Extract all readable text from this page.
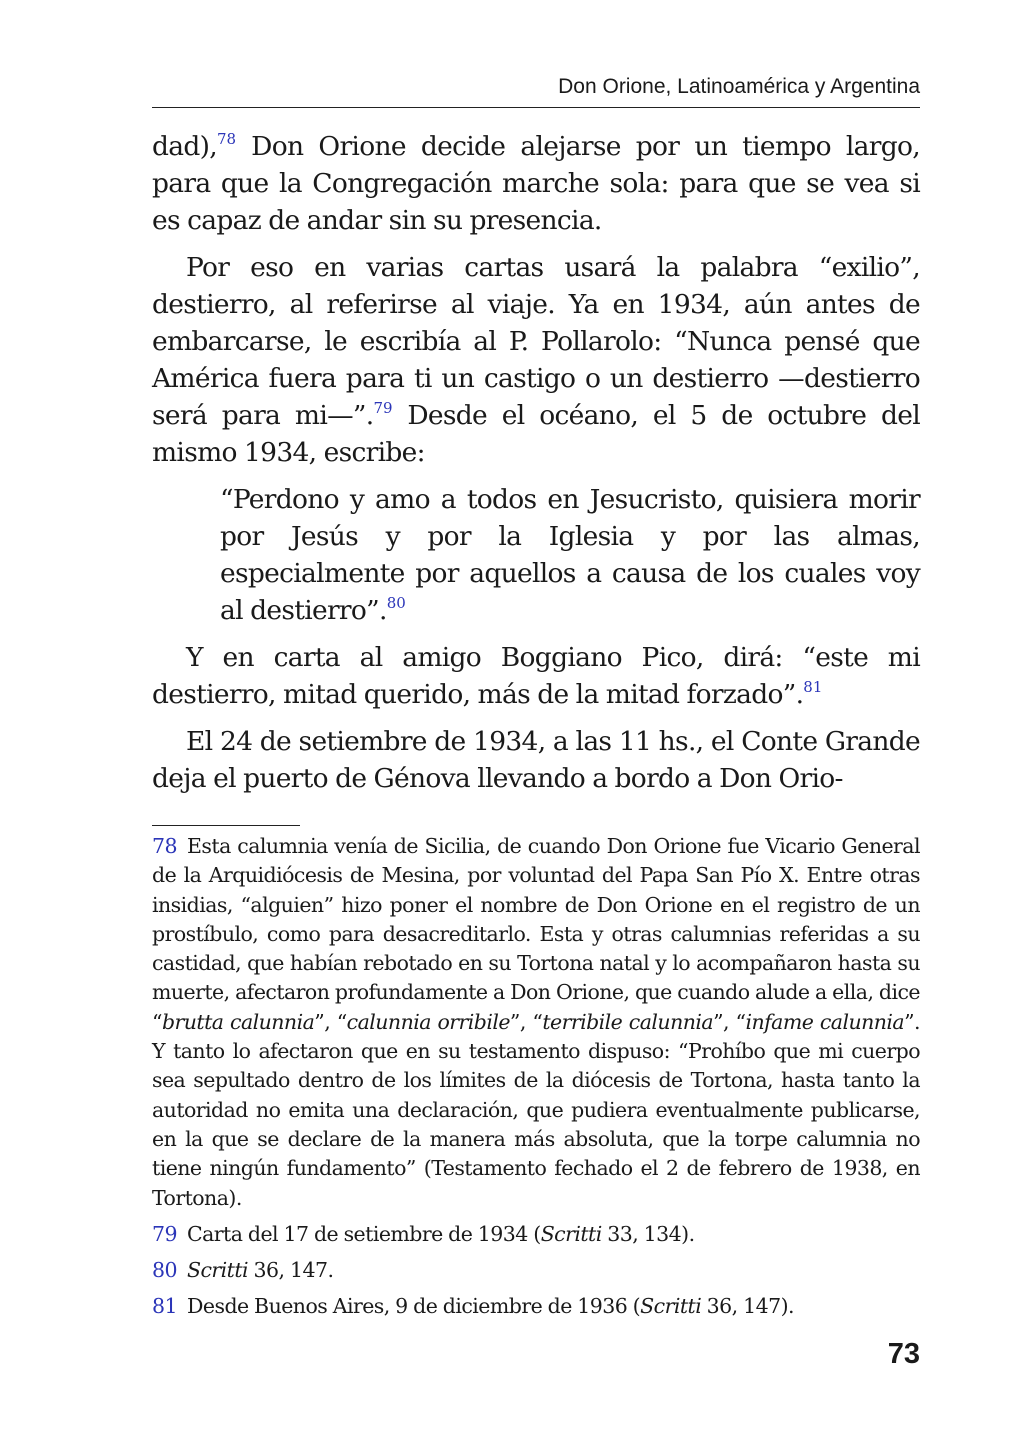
Don Orione, Latinoamérica y Argentina

dad),$^{78}$ Don Orione decide alejarse por un tiempo largo, para que la Congregación marche sola: para que se vea si es capaz de andar sin su presencia.

Por eso en varias cartas usará la palabra “exilio”, destierro, al referirse al viaje. Ya en 1934, aún antes de embarcarse, le escribía al P. Pollarolo: “Nunca pensé que América fuera para ti un castigo o un destierro —destierro será para mi—”.$^{79}$ Desde el océano, el 5 de octubre del mismo 1934, escribe:

“Perdono y amo a todos en Jesucristo, quisiera morir por Jesús y por la Iglesia y por las almas, especialmente por aquellos a causa de los cuales voy al destierro”.$^{80}$

Y en carta al amigo Boggiano Pico, dirá: “este mi destierro, mitad querido, más de la mitad forzado”.$^{81}$

El 24 de setiembre de 1934, a las 11 hs., el Conte Grande deja el puerto de Génova llevando a bordo a Don Orio-

78 Esta calumnia venía de Sicilia, de cuando Don Orione fue Vicario General de la Arquidiócesis de Mesina, por voluntad del Papa San Pío X. Entre otras insidias, “alguien” hizo poner el nombre de Don Orione en el registro de un prostíbulo, como para desacreditarlo. Esta y otras calumnias referidas a su castidad, que habían rebotado en su Tortona natal y lo acompañaron hasta su muerte, afectaron profundamente a Don Orione, que cuando alude a ella, dice “brutta calunnia”, “calunnia orribile”, “terribile calunnia”, “infame calunnia”. Y tanto lo afectaron que en su testamento dispuso: “Prohíbo que mi cuerpo sea sepultado dentro de los límites de la diócesis de Tortona, hasta tanto la autoridad no emita una declaración, que pudiera eventualmente publicarse, en la que se declare de la manera más absoluta, que la torpe calumnia no tiene ningún fundamento” (Testamento fechado el 2 de febrero de 1938, en Tortona).

79 Carta del 17 de setiembre de 1934 (Scritti 33, 134).

80 Scritti 36, 147.

81 Desde Buenos Aires, 9 de diciembre de 1936 (Scritti 36, 147).

73
